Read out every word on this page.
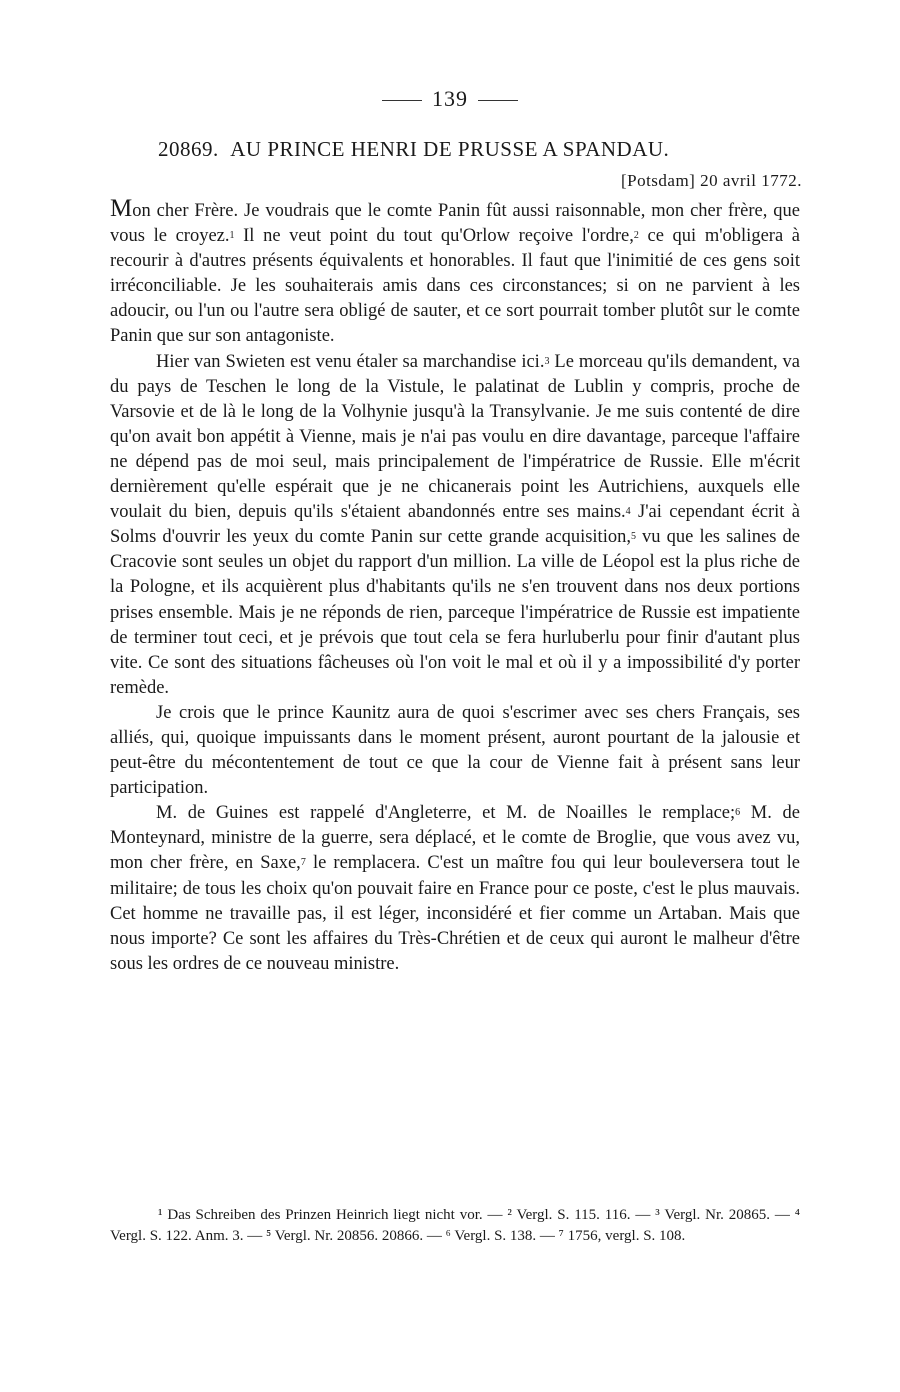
139
20869. AU PRINCE HENRI DE PRUSSE A SPANDAU.
[Potsdam] 20 avril 1772.

Mon cher Frère. Je voudrais que le comte Panin fût aussi raisonnable, mon cher frère, que vous le croyez.$^1$ Il ne veut point du tout qu'Orlow reçoive l'ordre,$^2$ ce qui m'obligera à recourir à d'autres présents équivalents et honorables. Il faut que l'inimitié de ces gens soit irréconciliable. Je les souhaiterais amis dans ces circonstances; si on ne parvient à les adoucir, ou l'un ou l'autre sera obligé de sauter, et ce sort pourrait tomber plutôt sur le comte Panin que sur son antagoniste.

Hier van Swieten est venu étaler sa marchandise ici.$^3$ Le morceau qu'ils demandent, va du pays de Teschen le long de la Vistule, le palatinat de Lublin y compris, proche de Varsovie et de là le long de la Volhynie jusqu'à la Transylvanie. Je me suis contenté de dire qu'on avait bon appétit à Vienne, mais je n'ai pas voulu en dire davantage, parceque l'affaire ne dépend pas de moi seul, mais principalement de l'impératrice de Russie. Elle m'écrit dernièrement qu'elle espérait que je ne chicanerais point les Autrichiens, auxquels elle voulait du bien, depuis qu'ils s'étaient abandonnés entre ses mains.$^4$ J'ai cependant écrit à Solms d'ouvrir les yeux du comte Panin sur cette grande acquisition,$^5$ vu que les salines de Cracovie sont seules un objet du rapport d'un million. La ville de Léopol est la plus riche de la Pologne, et ils acquièrent plus d'habitants qu'ils ne s'en trouvent dans nos deux portions prises ensemble. Mais je ne réponds de rien, parceque l'impératrice de Russie est impatiente de terminer tout ceci, et je prévois que tout cela se fera hurluberlu pour finir d'autant plus vite. Ce sont des situations fâcheuses où l'on voit le mal et où il y a impossibilité d'y porter remède.

Je crois que le prince Kaunitz aura de quoi s'escrimer avec ses chers Français, ses alliés, qui, quoique impuissants dans le moment présent, auront pourtant de la jalousie et peut-être du mécontentement de tout ce que la cour de Vienne fait à présent sans leur participation.

M. de Guines est rappelé d'Angleterre, et M. de Noailles le remplace;$^6$ M. de Monteynard, ministre de la guerre, sera déplacé, et le comte de Broglie, que vous avez vu, mon cher frère, en Saxe,$^7$ le remplacera. C'est un maître fou qui leur bouleversera tout le militaire; de tous les choix qu'on pouvait faire en France pour ce poste, c'est le plus mauvais. Cet homme ne travaille pas, il est léger, inconsidéré et fier comme un Artaban. Mais que nous importe? Ce sont les affaires du Très-Chrétien et de ceux qui auront le malheur d'être sous les ordres de ce nouveau ministre.

¹ Das Schreiben des Prinzen Heinrich liegt nicht vor. — ² Vergl. S. 115. 116. — ³ Vergl. Nr. 20865. — ⁴ Vergl. S. 122. Anm. 3. — ⁵ Vergl. Nr. 20856. 20866. — ⁶ Vergl. S. 138. — ⁷ 1756, vergl. S. 108.
